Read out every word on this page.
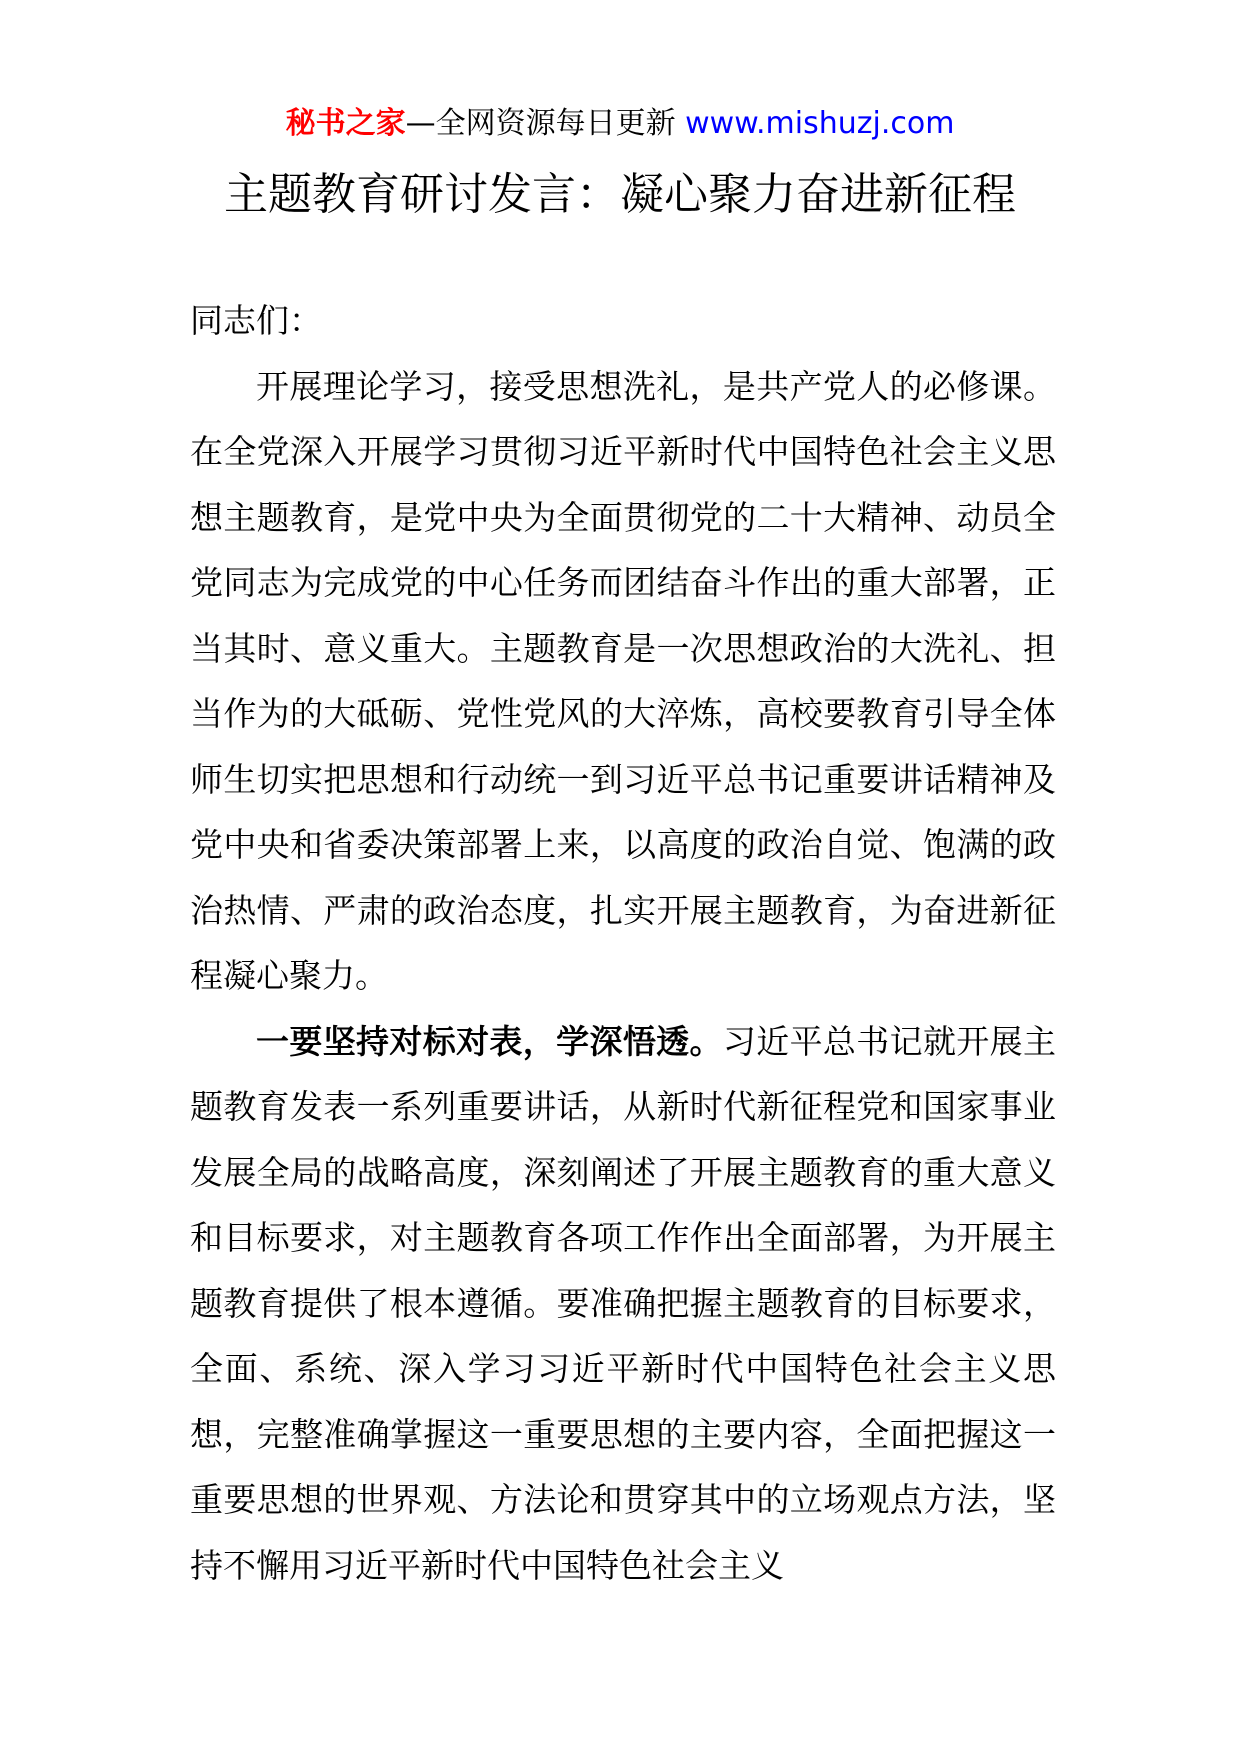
秘书之家—全网资源每日更新 www.mishuzj.com
主题教育研讨发言：凝心聚力奋进新征程

同志们：

开展理论学习，接受思想洗礼，是共产党人的必修课。在全党深入开展学习贯彻习近平新时代中国特色社会主义思想主题教育，是党中央为全面贯彻党的二十大精神、动员全党同志为完成党的中心任务而团结奋斗作出的重大部署，正当其时、意义重大。主题教育是一次思想政治的大洗礼、担当作为的大砥砺、党性党风的大淬炼，高校要教育引导全体师生切实把思想和行动统一到习近平总书记重要讲话精神及党中央和省委决策部署上来，以高度的政治自觉、饱满的政治热情、严肃的政治态度，扎实开展主题教育，为奋进新征程凝心聚力。

一要坚持对标对表，学深悟透。习近平总书记就开展主题教育发表一系列重要讲话，从新时代新征程党和国家事业发展全局的战略高度，深刻阐述了开展主题教育的重大意义和目标要求，对主题教育各项工作作出全面部署，为开展主题教育提供了根本遵循。要准确把握主题教育的目标要求，全面、系统、深入学习习近平新时代中国特色社会主义思想，完整准确掌握这一重要思想的主要内容，全面把握这一重要思想的世界观、方法论和贯穿其中的立场观点方法，坚持不懈用习近平新时代中国特色社会主义
